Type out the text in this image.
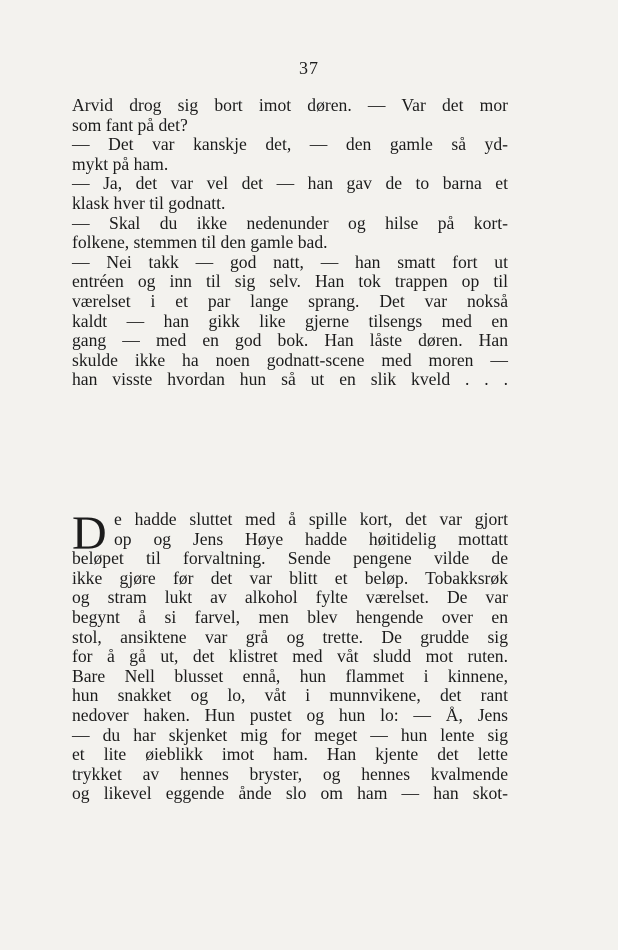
37
Arvid drog sig bort imot døren. — Var det mor
som fant på det?
— Det var kanskje det, — den gamle så yd-
mykt på ham.
— Ja, det var vel det — han gav de to barna et
klask hver til godnatt.
— Skal du ikke nedenunder og hilse på kort-
folkene, stemmen til den gamle bad.
— Nei takk — god natt, — han smatt fort ut
entréen og inn til sig selv. Han tok trappen op til
værelset i et par lange sprang. Det var nokså
kaldt — han gikk like gjerne tilsengs med en
gang — med en god bok. Han låste døren. Han
skulde ikke ha noen godnatt-scene med moren —
han visste hvordan hun så ut en slik kveld . . .
D e hadde sluttet med å spille kort, det var gjort
op og Jens Høye hadde høitidelig mottatt
beløpet til forvaltning. Sende pengene vilde de
ikke gjøre før det var blitt et beløp. Tobakksrøk
og stram lukt av alkohol fylte værelset. De var
begynt å si farvel, men blev hengende over en
stol, ansiktene var grå og trette. De grudde sig
for å gå ut, det klistret med våt sludd mot ruten.
Bare Nell blusset ennå, hun flammet i kinnene,
hun snakket og lo, våt i munnvikene, det rant
nedover haken. Hun pustet og hun lo: — Å, Jens
— du har skjenket mig for meget — hun lente sig
et lite øieblikk imot ham. Han kjente det lette
trykket av hennes bryster, og hennes kvalmende
og likevel eggende ånde slo om ham — han skot-
